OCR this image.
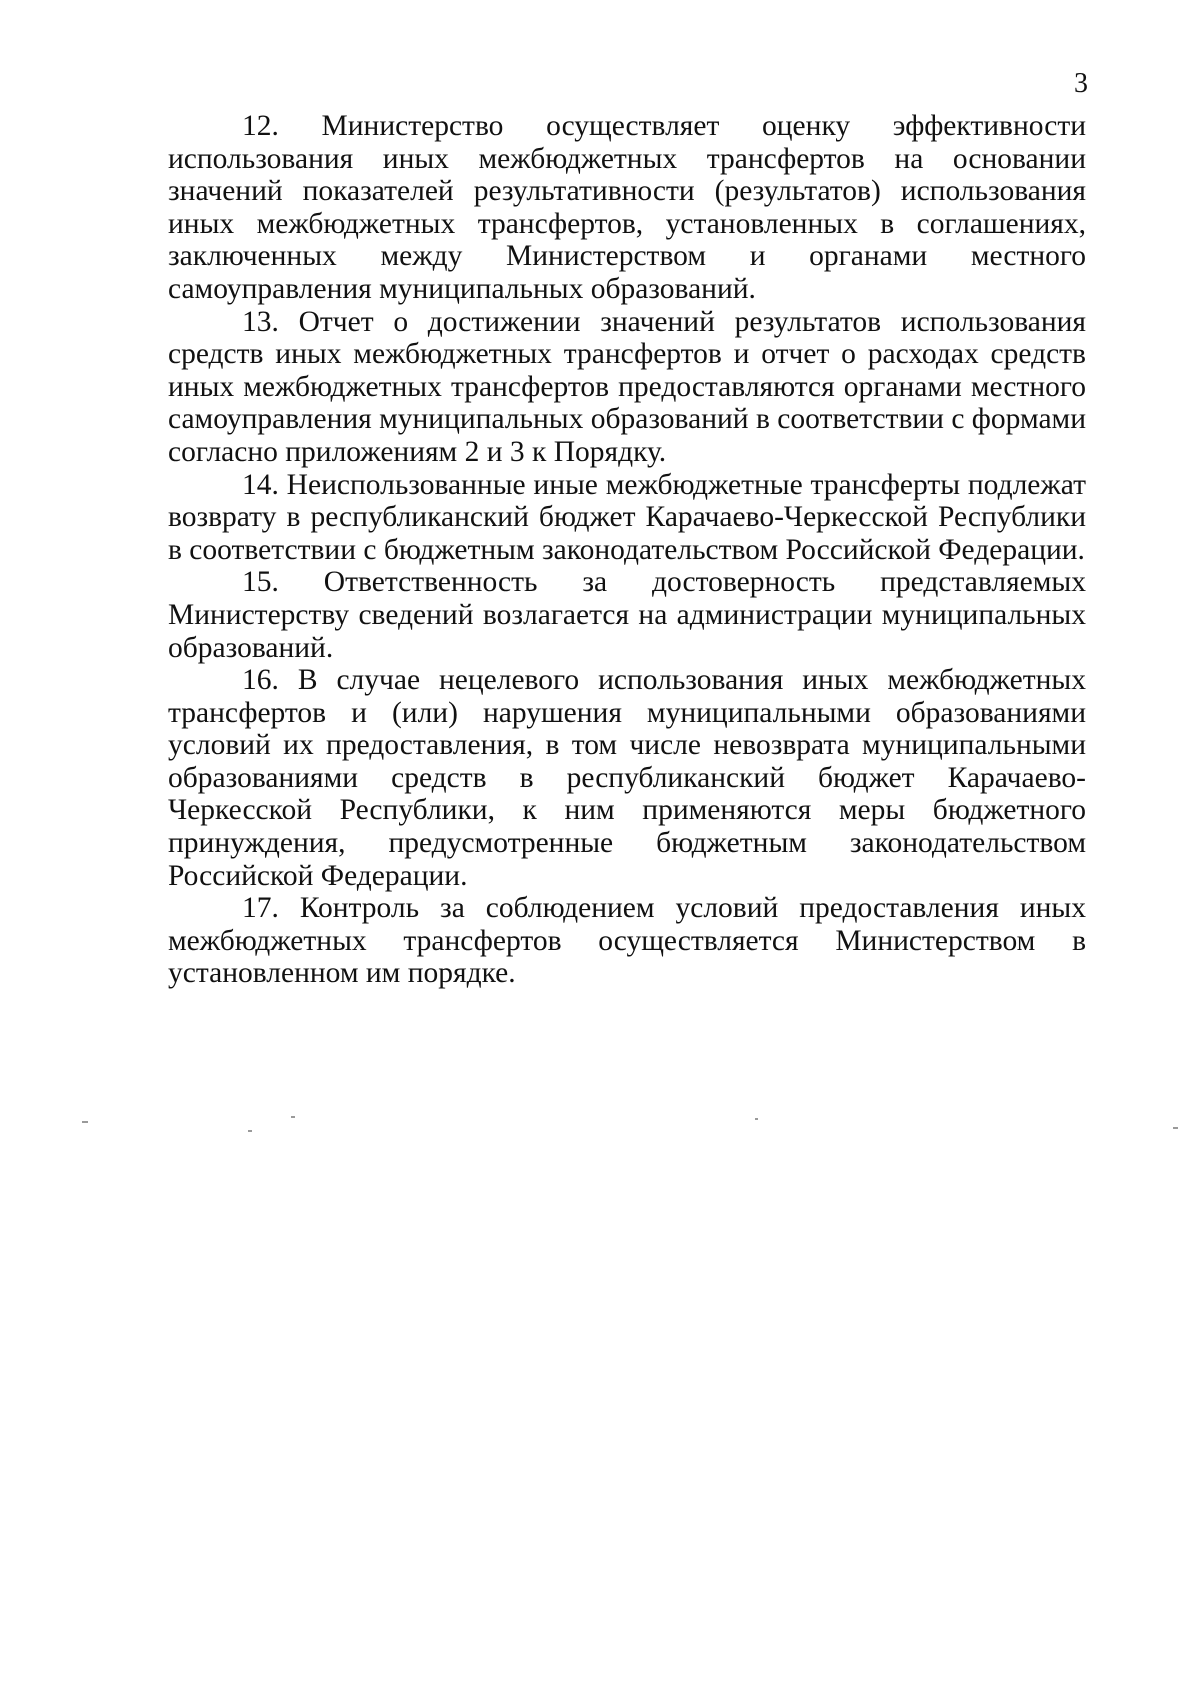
3

12. Министерство осуществляет оценку эффективности использования иных межбюджетных трансфертов на основании значений показателей результативности (результатов) использования иных межбюджетных трансфертов, установленных в соглашениях, заключенных между Министерством и органами местного самоуправления муниципальных образований.

13. Отчет о достижении значений результатов использования средств иных межбюджетных трансфертов и отчет о расходах средств иных межбюджетных трансфертов предоставляются органами местного самоуправления муниципальных образований в соответствии с формами согласно приложениям 2 и 3 к Порядку.

14. Неиспользованные иные межбюджетные трансферты подлежат возврату в республиканский бюджет Карачаево-Черкесской Республики в соответствии с бюджетным законодательством Российской Федерации.

15. Ответственность за достоверность представляемых Министерству сведений возлагается на администрации муниципальных образований.

16. В случае нецелевого использования иных межбюджетных трансфертов и (или) нарушения муниципальными образованиями условий их предоставления, в том числе невозврата муниципальными образованиями средств в республиканский бюджет Карачаево-Черкесской Республики, к ним применяются меры бюджетного принуждения, предусмотренные бюджетным законодательством Российской Федерации.

17. Контроль за соблюдением условий предоставления иных межбюджетных трансфертов осуществляется Министерством в установленном им порядке.
